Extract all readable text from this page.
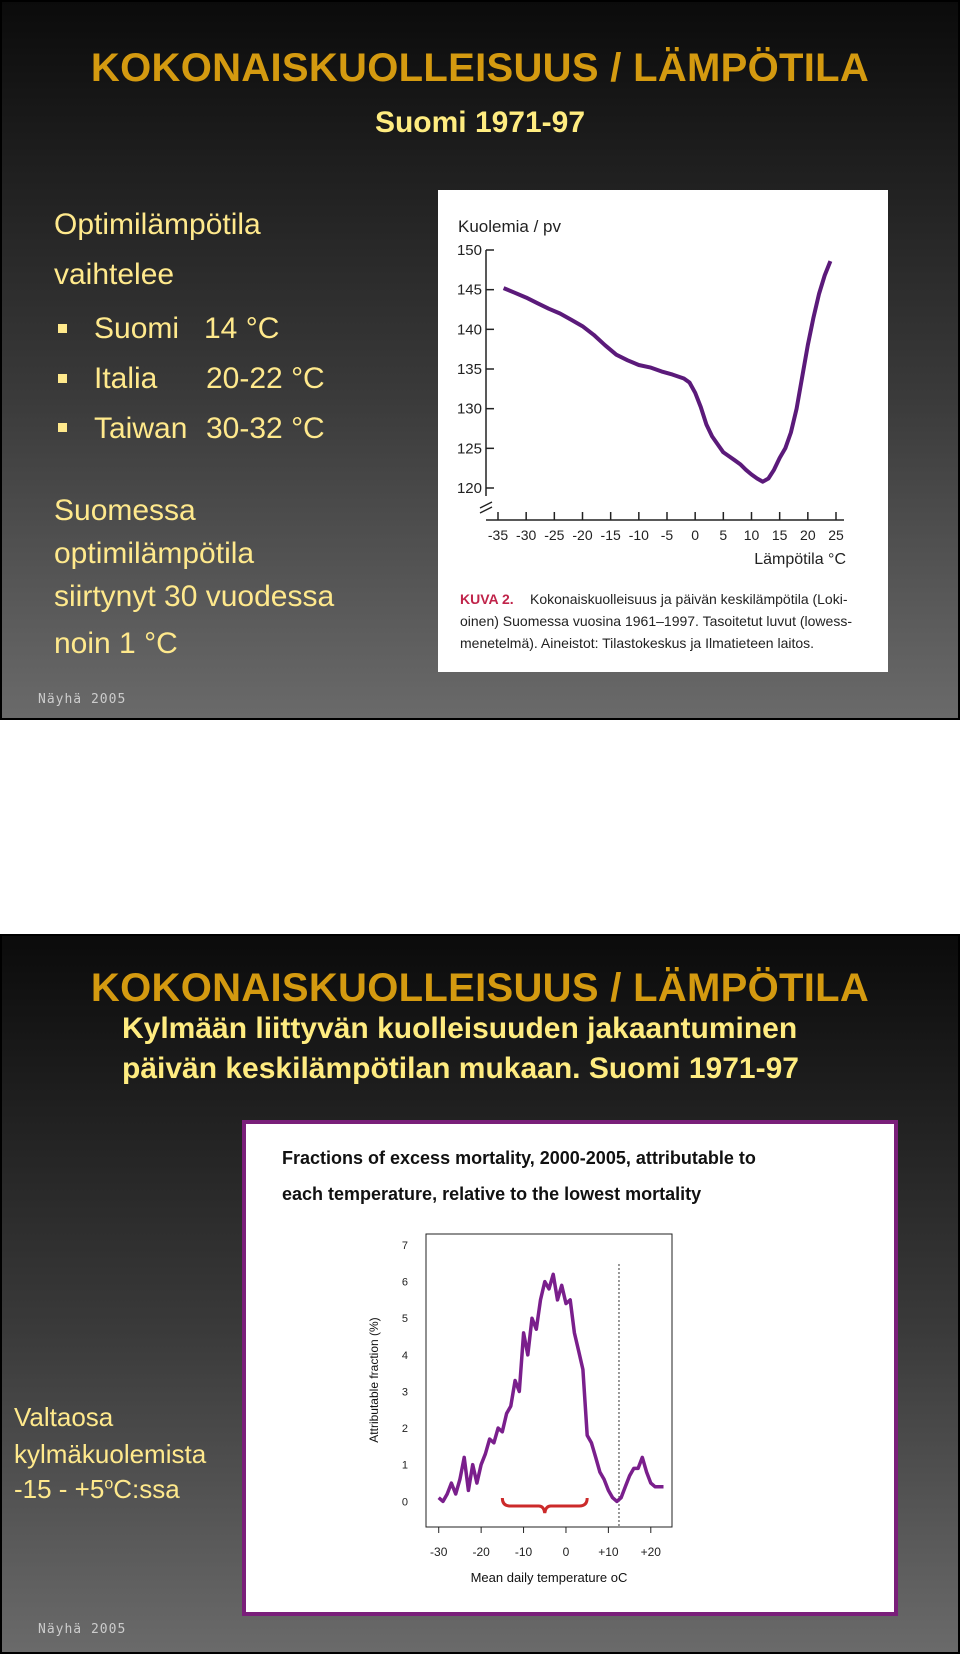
KOKONAISKUOLLEISUUS / LÄMPÖTILA
Suomi 1971-97
Optimilämpötila
vaihtelee
Suomi 14 °C
Italia 20-22 °C
Taiwan 30-32 °C
Suomessa
optimilämpötila
siirtynyt 30 vuodessa
noin 1 °C
Kuolemia / pv
120
125
130
135
140
145
150
-35 -30 -25 -20 -15 -10 -5 0 5 10 15 20 25
Lämpötila °C
KUVA 2. Kokonaiskuolleisuus ja päivän keskilämpötila (Loki-
oinen) Suomessa vuosina 1961–1997. Tasoitetut luvut (lowess-
menetelmä). Aineistot: Tilastokeskus ja Ilmatieteen laitos.
Näyhä 2005
KOKONAISKUOLLEISUUS / LÄMPÖTILA
Kylmään liittyvän kuolleisuuden jakaantuminen
päivän keskilämpötilan mukaan. Suomi 1971-97
Fractions of excess mortality, 2000-2005, attributable to
each temperature, relative to the lowest mortality
0
1
2
3
4
5
6
7
-30 -20 -10	0 +10 +20
Mean daily temperature oC
Attributable fraction (%)
Valtaosa
kylmäkuolemista
$-15 - +5^oC:ssa$
Näyhä 2005
